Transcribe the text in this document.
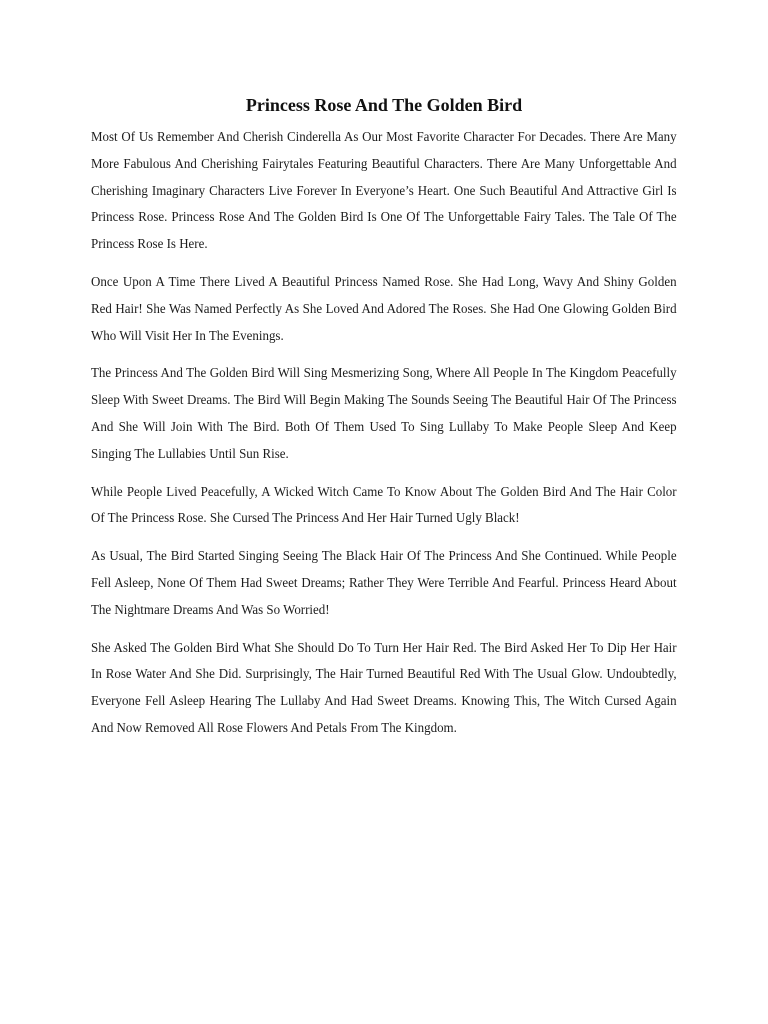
Princess Rose And The Golden Bird

Most Of Us Remember And Cherish Cinderella As Our Most Favorite Character For Decades. There Are Many More Fabulous And Cherishing Fairytales Featuring Beautiful Characters. There Are Many Unforgettable And Cherishing Imaginary Characters Live Forever In Everyone’s Heart. One Such Beautiful And Attractive Girl Is Princess Rose. Princess Rose And The Golden Bird Is One Of The Unforgettable Fairy Tales. The Tale Of The Princess Rose Is Here.

Once Upon A Time There Lived A Beautiful Princess Named Rose. She Had Long, Wavy And Shiny Golden Red Hair! She Was Named Perfectly As She Loved And Adored The Roses. She Had One Glowing Golden Bird Who Will Visit Her In The Evenings.

The Princess And The Golden Bird Will Sing Mesmerizing Song, Where All People In The Kingdom Peacefully Sleep With Sweet Dreams. The Bird Will Begin Making The Sounds Seeing The Beautiful Hair Of The Princess And She Will Join With The Bird. Both Of Them Used To Sing Lullaby To Make People Sleep And Keep Singing The Lullabies Until Sun Rise.

While People Lived Peacefully, A Wicked Witch Came To Know About The Golden Bird And The Hair Color Of The Princess Rose. She Cursed The Princess And Her Hair Turned Ugly Black!

As Usual, The Bird Started Singing Seeing The Black Hair Of The Princess And She Continued. While People Fell Asleep, None Of Them Had Sweet Dreams; Rather They Were Terrible And Fearful. Princess Heard About The Nightmare Dreams And Was So Worried!

She Asked The Golden Bird What She Should Do To Turn Her Hair Red. The Bird Asked Her To Dip Her Hair In Rose Water And She Did. Surprisingly, The Hair Turned Beautiful Red With The Usual Glow. Undoubtedly, Everyone Fell Asleep Hearing The Lullaby And Had Sweet Dreams. Knowing This, The Witch Cursed Again And Now Removed All Rose Flowers And Petals From The Kingdom.
